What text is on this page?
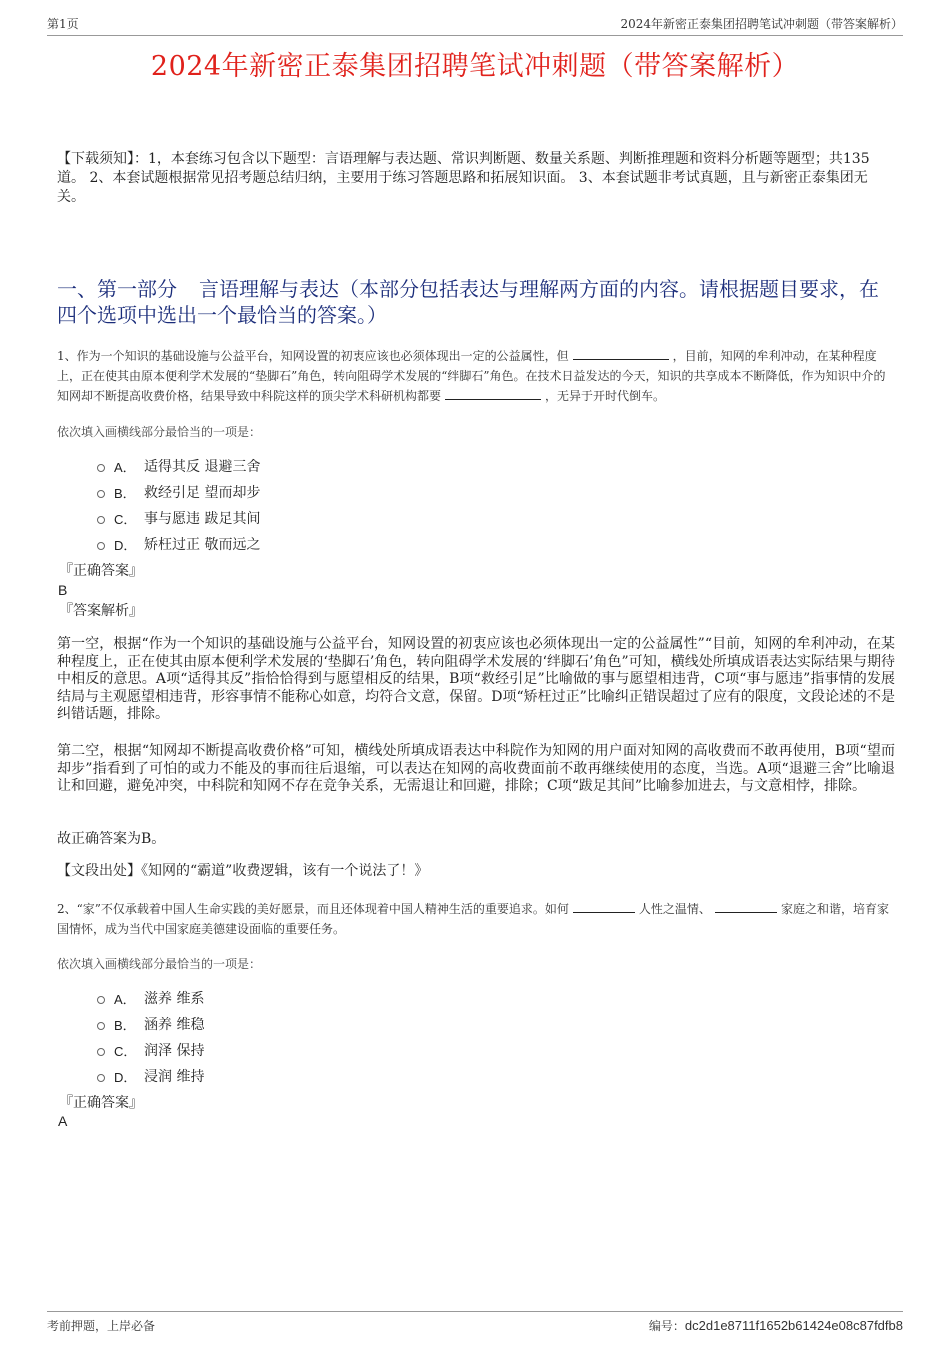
第1页	2024年新密正泰集团招聘笔试冲刺题（带答案解析）
2024年新密正泰集团招聘笔试冲刺题（带答案解析）
【下载须知】：1，本套练习包含以下题型：言语理解与表达题、常识判断题、数量关系题、判断推理题和资料分析题等题型；共135道。 2、本套试题根据常见招考题总结归纳，主要用于练习答题思路和拓展知识面。 3、本套试题非考试真题，且与新密正泰集团无关。
一、第一部分 言语理解与表达（本部分包括表达与理解两方面的内容。请根据题目要求，在四个选项中选出一个最恰当的答案。）
1、作为一个知识的基础设施与公益平台，知网设置的初衷应该也必须体现出一定的公益属性，但	，目前，知网的牟利冲动，在某种程度上，正在使其由原本便利学术发展的“垫脚石”角色，转向阻碍学术发展的“绊脚石”角色。在技术日益发达的今天，知识的共享成本不断降低，作为知识中介的知网却不断提高收费价格，结果导致中科院这样的顶尖学术科研机构都要	，无异于开时代倒车。
依次填入画横线部分最恰当的一项是：
A． 适得其反 退避三舍
B． 救经引足 望而却步
C． 事与愿违 跋足其间
D． 矫枉过正 敬而远之
『正确答案』
B
『答案解析』
第一空，根据“作为一个知识的基础设施与公益平台，知网设置的初衷应该也必须体现出一定的公益属性”“目前，知网的牟利冲动，在某种程度上，正在使其由原本便利学术发展的‘垫脚石’角色，转向阻碍学术发展的‘绊脚石’角色”可知，横线处所填成语表达实际结果与期待中相反的意思。A项“适得其反”指恰恰得到与愿望相反的结果，B项“救经引足”比喻做的事与愿望相违背，C项“事与愿违”指事情的发展结局与主观愿望相违背，形容事情不能称心如意，均符合文意，保留。D项“矫枉过正”比喻纠正错误超过了应有的限度，文段论述的不是纠错话题，排除。
第二空，根据“知网却不断提高收费价格”可知，横线处所填成语表达中科院作为知网的用户面对知网的高收费而不敢再使用，B项“望而却步”指看到了可怕的或力不能及的事而往后退缩，可以表达在知网的高收费面前不敢再继续使用的态度，当选。A项“退避三舍”比喻退让和回避，避免冲突，中科院和知网不存在竞争关系，无需退让和回避，排除；C项“跋足其间”比喻参加进去，与文意相悖，排除。
故正确答案为B。
【文段出处】《知网的“霸道”收费逻辑，该有一个说法了！》
2、“家”不仅承载着中国人生命实践的美好愿景，而且还体现着中国人精神生活的重要追求。如何	人性之温情、	家庭之和谐，培育家国情怀，成为当代中国家庭美德建设面临的重要任务。
依次填入画横线部分最恰当的一项是：
A． 滋养 维系
B． 涵养 维稳
C． 润泽 保持
D． 浸润 维持
『正确答案』
A
考前押题，上岸必备	编号：dc2d1e8711f1652b61424e08c87fdfb8
